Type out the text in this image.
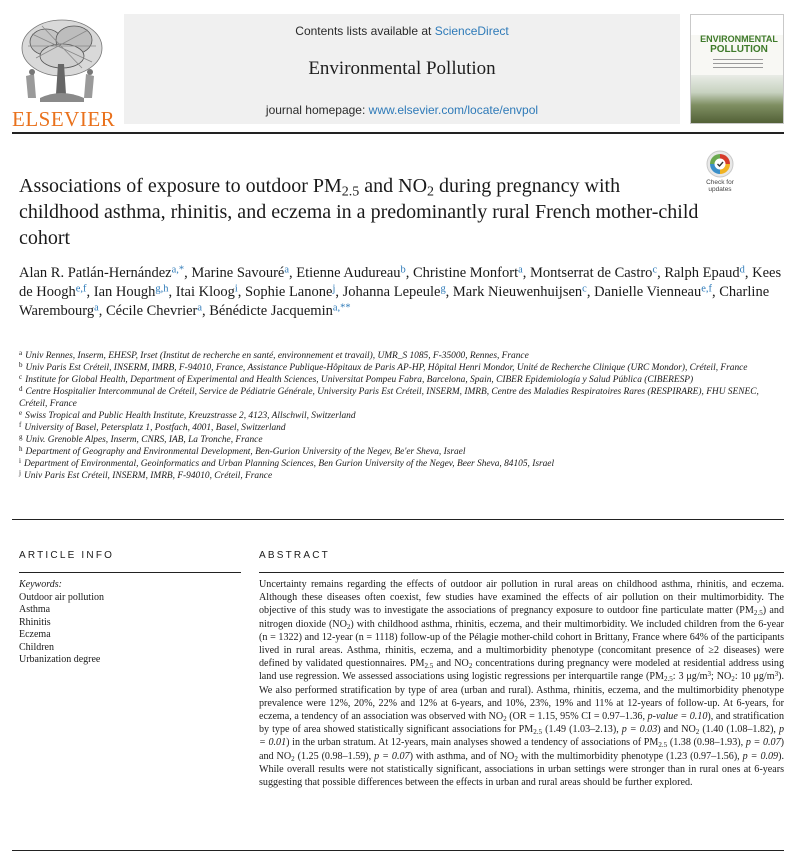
ELSEVIER
Contents lists available at ScienceDirect
Environmental Pollution
journal homepage: www.elsevier.com/locate/envpol
ENVIRONMENTAL
POLLUTION
Check for
updates
Associations of exposure to outdoor $PM_{2.5}$ and $NO_2$ during pregnancy with childhood asthma, rhinitis, and eczema in a predominantly rural French mother-child cohort
Alan R. Patlán-Hernández$^{a,*}$, Marine Savouré$^a$, Etienne Audureau$^b$, Christine Monfort$^a$, Montserrat de Castro$^c$, Ralph Epaud$^d$, Kees de Hoogh$^{e,f}$, Ian Hough$^{g,h}$, Itai Kloog$^i$, Sophie Lanone$^j$, Johanna Lepeule$^g$, Mark Nieuwenhuijsen$^c$, Danielle Vienneau$^{e,f}$, Charline Warembourg$^a$, Cécile Chevrier$^a$, Bénédicte Jacquemin$^{a,**}$
$^a$ Univ Rennes, Inserm, EHESP, Irset (Institut de recherche en santé, environnement et travail), UMR_S 1085, F-35000, Rennes, France
$^b$ Univ Paris Est Créteil, INSERM, IMRB, F-94010, France, Assistance Publique-Hôpitaux de Paris AP-HP, Hôpital Henri Mondor, Unité de Recherche Clinique (URC Mondor), Créteil, France
$^c$ Institute for Global Health, Department of Experimental and Health Sciences, Universitat Pompeu Fabra, Barcelona, Spain, CIBER Epidemiología y Salud Pública (CIBERESP)
$^d$ Centre Hospitalier Intercommunal de Créteil, Service de Pédiatrie Générale, University Paris Est Créteil, INSERM, IMRB, Centre des Maladies Respiratoires Rares (RESPIRARE), FHU SENEC, Créteil, France
$^e$ Swiss Tropical and Public Health Institute, Kreuzstrasse 2, 4123, Allschwil, Switzerland
$^f$ University of Basel, Petersplatz 1, Postfach, 4001, Basel, Switzerland
$^g$ Univ. Grenoble Alpes, Inserm, CNRS, IAB, La Tronche, France
$^h$ Department of Geography and Environmental Development, Ben-Gurion University of the Negev, Be'er Sheva, Israel
$^i$ Department of Environmental, Geoinformatics and Urban Planning Sciences, Ben Gurion University of the Negev, Beer Sheva, 84105, Israel
$^j$ Univ Paris Est Créteil, INSERM, IMRB, F-94010, Créteil, France
ARTICLE INFO
Keywords:
Outdoor air pollution
Asthma
Rhinitis
Eczema
Children
Urbanization degree
ABSTRACT
Uncertainty remains regarding the effects of outdoor air pollution in rural areas on childhood asthma, rhinitis, and eczema. Although these diseases often coexist, few studies have examined the effects of air pollution on their multimorbidity. The objective of this study was to investigate the associations of pregnancy exposure to outdoor fine particulate matter $(PM_{2.5})$ and nitrogen dioxide $(NO_2)$ with childhood asthma, rhinitis, eczema, and their multimorbidity. We included children from the 6-year (n = 1322) and 12-year (n = 1118) follow-up of the Pélagie mother-child cohort in Brittany, France where 64% of the participants lived in rural areas. Asthma, rhinitis, eczema, and a multimorbidity phenotype (concomitant presence of ≥2 diseases) were defined by validated questionnaires. $PM_{2.5}$ and $NO_2$ concentrations during pregnancy were modeled at residential address using land use regression. We assessed associations using logistic regressions per interquartile range ($PM_{2.5}$: 3 $\mu g/m^3$; $NO_2$: 10 $\mu g/m^3$). We also performed stratification by type of area (urban and rural). Asthma, rhinitis, eczema, and the multimorbidity phenotype prevalence were 12%, 20%, 22% and 12% at 6-years, and 10%, 23%, 19% and 11% at 12-years of follow-up. At 6-years, for eczema, a tendency of an association was observed with $NO_2$ (OR = 1.15, 95% CI = 0.97–1.36, p-value = 0.10), and stratification by type of area showed statistically significant associations for $PM_{2.5}$ (1.49 (1.03–2.13), p = 0.03) and $NO_2$ (1.40 (1.08–1.82), p = 0.01) in the urban stratum. At 12-years, main analyses showed a tendency of associations of $PM_{2.5}$ (1.38 (0.98–1.93), p = 0.07) and $NO_2$ (1.25 (0.98–1.59), p = 0.07) with asthma, and of $NO_2$ with the multimorbidity phenotype (1.23 (0.97–1.56), p = 0.09). While overall results were not statistically significant, associations in urban settings were stronger than in rural ones at 6-years suggesting that possible differences between the effects in urban and rural areas should be further explored.
